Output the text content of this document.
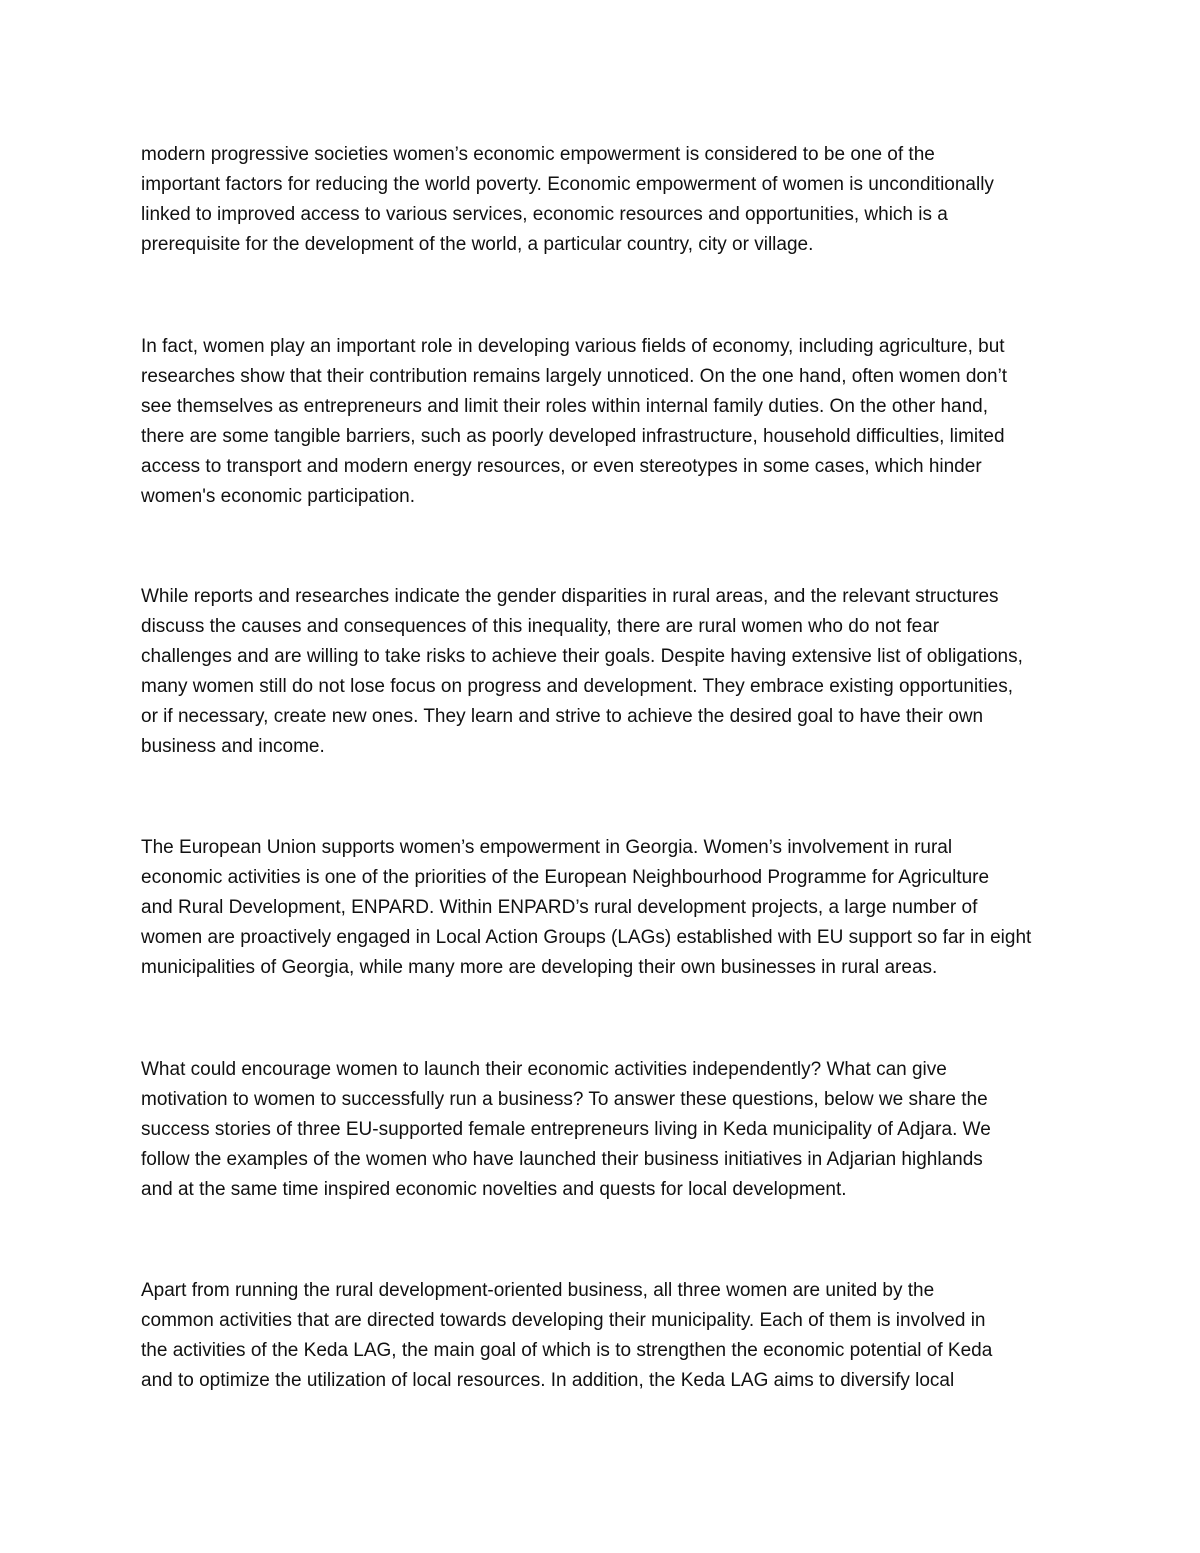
modern progressive societies women’s economic empowerment is considered to be one of the
important factors for reducing the world poverty. Economic empowerment of women is unconditionally
linked to improved access to various services, economic resources and opportunities, which is a
prerequisite for the development of the world, a particular country, city or village.
In fact, women play an important role in developing various fields of economy, including agriculture, but
researches show that their contribution remains largely unnoticed. On the one hand, often women don’t
see themselves as entrepreneurs and limit their roles within internal family duties. On the other hand,
there are some tangible barriers, such as poorly developed infrastructure, household difficulties, limited
access to transport and modern energy resources, or even stereotypes in some cases, which hinder
women's economic participation.
While reports and researches indicate the gender disparities in rural areas, and the relevant structures
discuss the causes and consequences of this inequality, there are rural women who do not fear
challenges and are willing to take risks to achieve their goals. Despite having extensive list of obligations,
many women still do not lose focus on progress and development. They embrace existing opportunities,
or if necessary, create new ones. They learn and strive to achieve the desired goal to have their own
business and income.
The European Union supports women’s empowerment in Georgia. Women’s involvement in rural
economic activities is one of the priorities of the European Neighbourhood Programme for Agriculture
and Rural Development, ENPARD. Within ENPARD’s rural development projects, a large number of
women are proactively engaged in Local Action Groups (LAGs) established with EU support so far in eight
municipalities of Georgia, while many more are developing their own businesses in rural areas.
What could encourage women to launch their economic activities independently? What can give
motivation to women to successfully run a business? To answer these questions, below we share the
success stories of three EU-supported female entrepreneurs living in Keda municipality of Adjara. We
follow the examples of the women who have launched their business initiatives in Adjarian highlands
and at the same time inspired economic novelties and quests for local development.
Apart from running the rural development-oriented business, all three women are united by the
common activities that are directed towards developing their municipality. Each of them is involved in
the activities of the Keda LAG, the main goal of which is to strengthen the economic potential of Keda
and to optimize the utilization of local resources. In addition, the Keda LAG aims to diversify local
